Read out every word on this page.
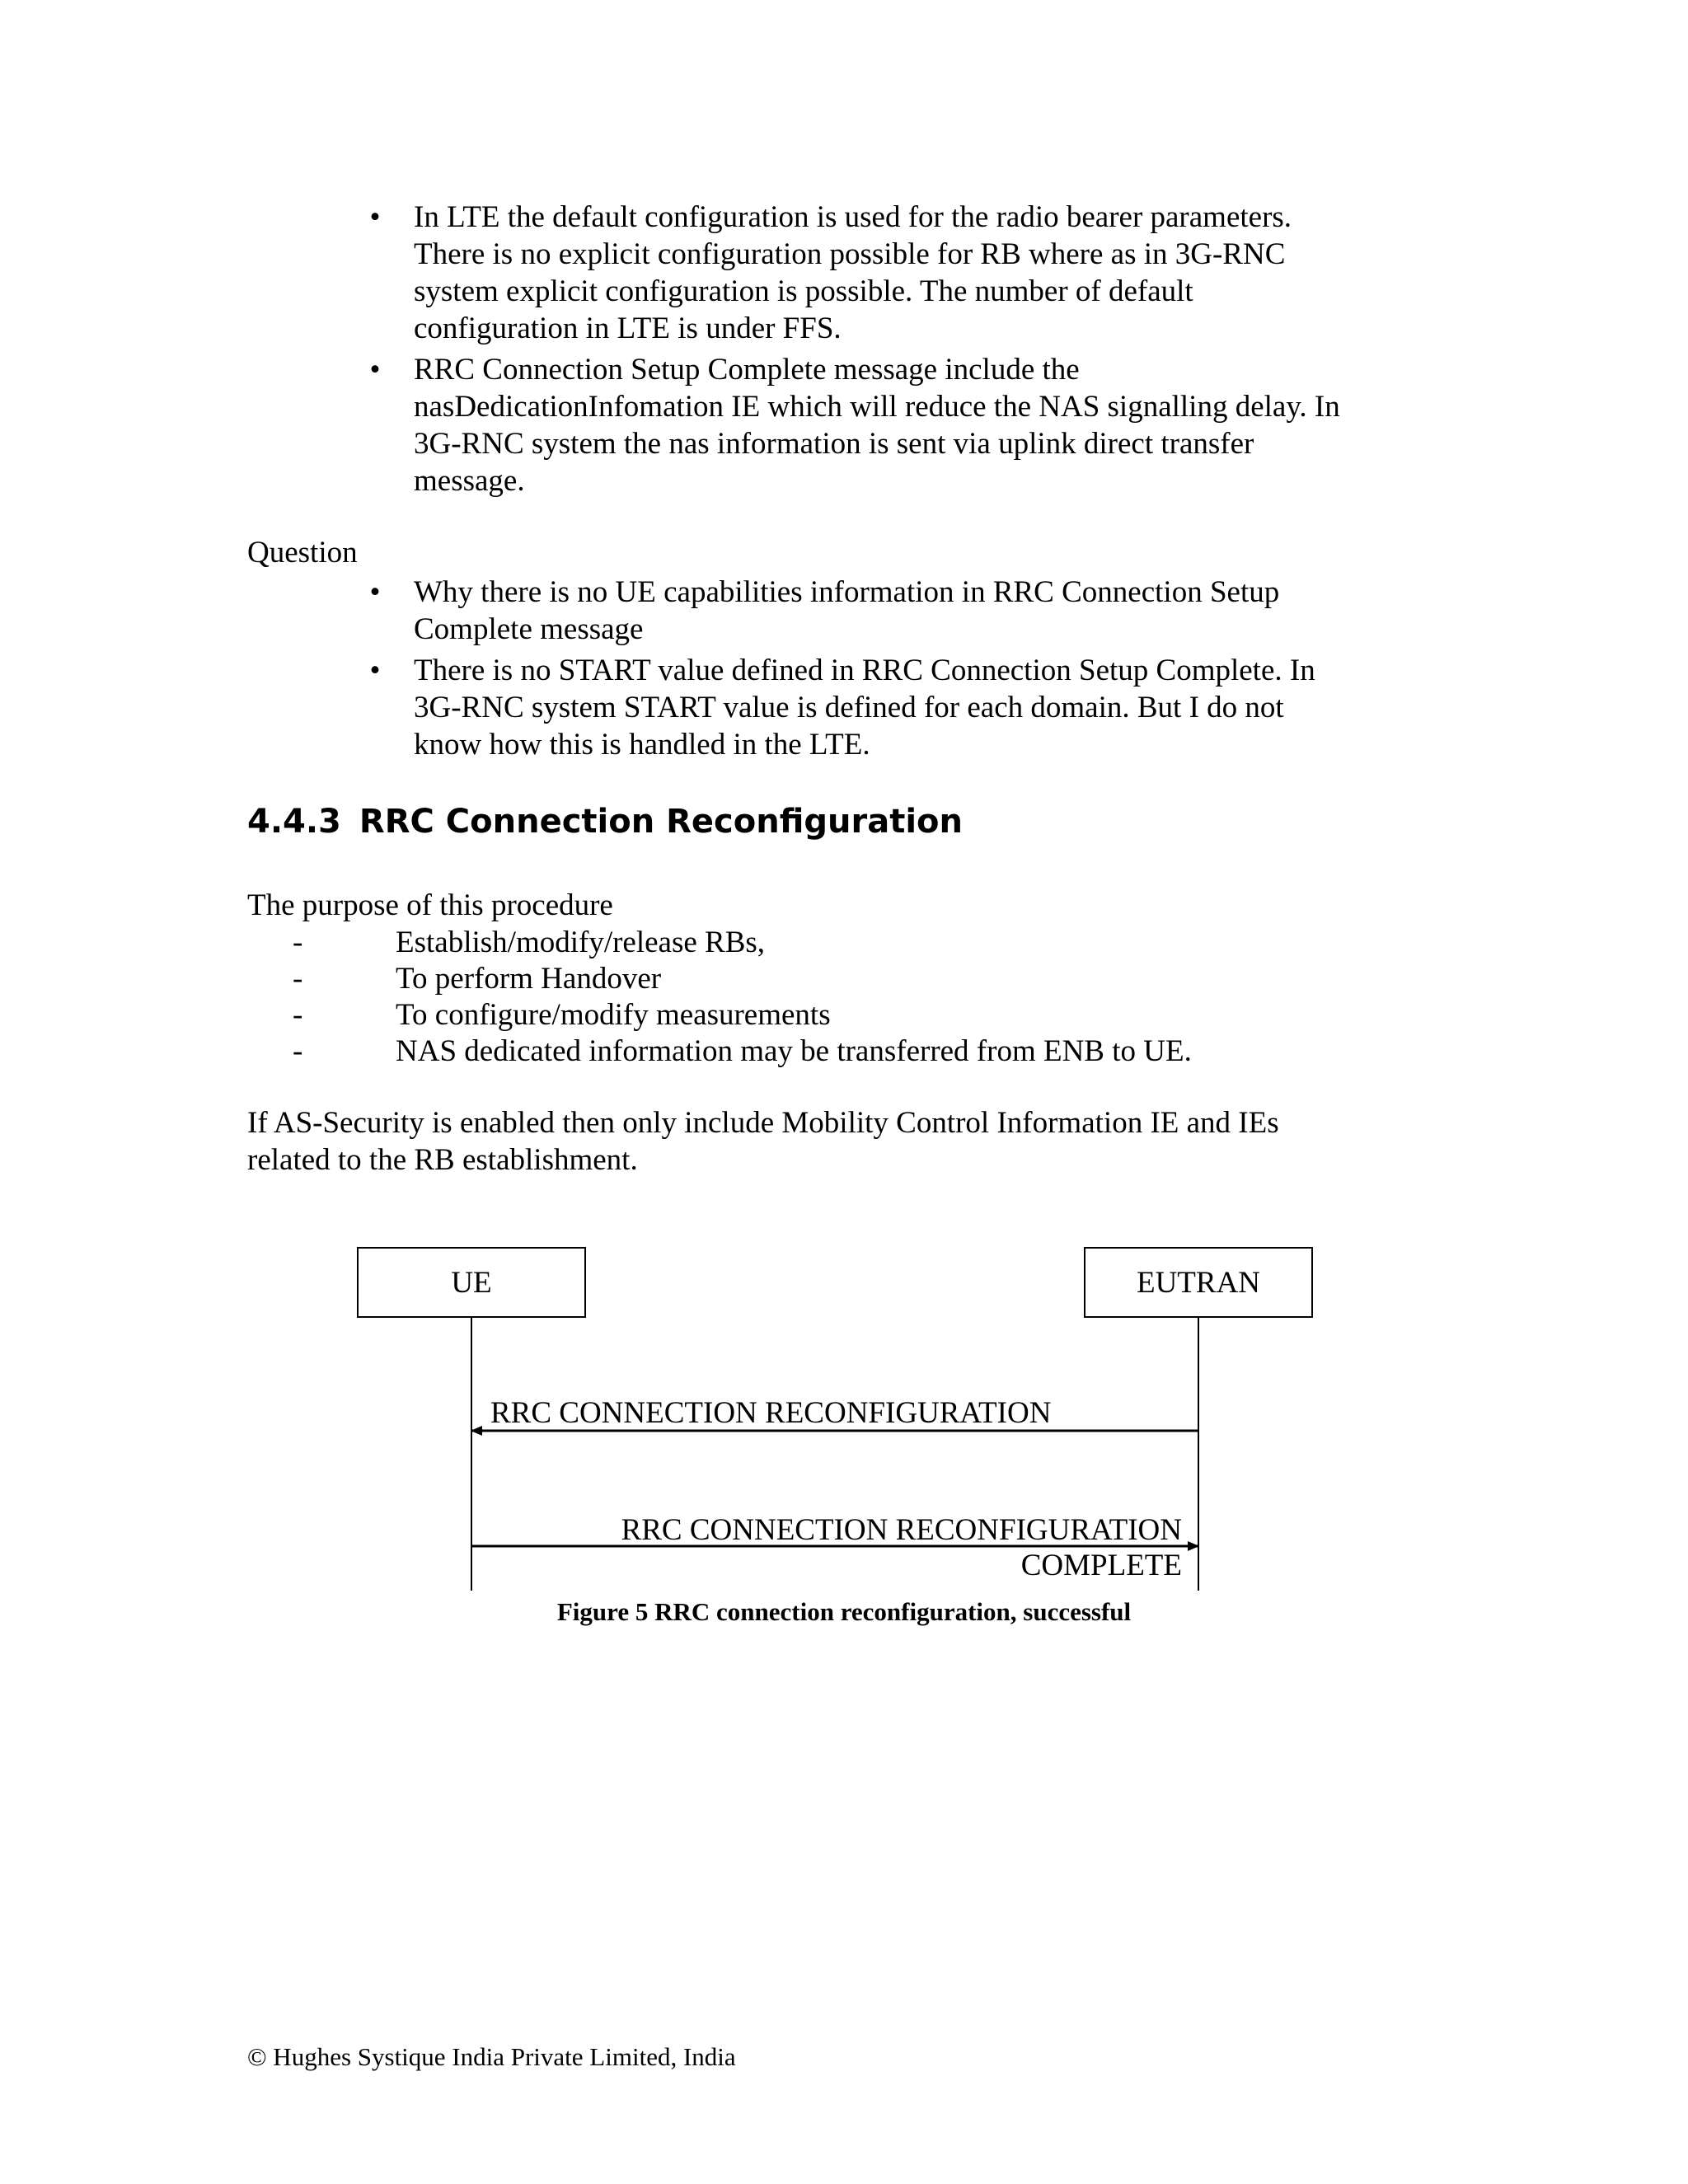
• In LTE the default configuration is used for the radio bearer parameters.
There is no explicit configuration possible for RB where as in 3G-RNC
system explicit configuration is possible. The number of default
configuration in LTE is under FFS.
• RRC Connection Setup Complete message include the
nasDedicationInfomation IE which will reduce the NAS signalling delay. In
3G-RNC system the nas information is sent via uplink direct transfer
message.
Question
• Why there is no UE capabilities information in RRC Connection Setup
Complete message
• There is no START value defined in RRC Connection Setup Complete. In
3G-RNC system START value is defined for each domain. But I do not
know how this is handled in the LTE.
4.4.3 RRC Connection Reconfiguration
The purpose of this procedure
-	Establish/modify/release RBs,
-	To perform Handover
-	To configure/modify measurements
-	NAS dedicated information may be transferred from ENB to UE.
If AS-Security is enabled then only include Mobility Control Information IE and IEs
related to the RB establishment.
UE	EUTRAN
RRC CONNECTION RECONFIGURATION
RRC CONNECTION RECONFIGURATION
COMPLETE
Figure 5 RRC connection reconfiguration, successful
© Hughes Systique India Private Limited, India
